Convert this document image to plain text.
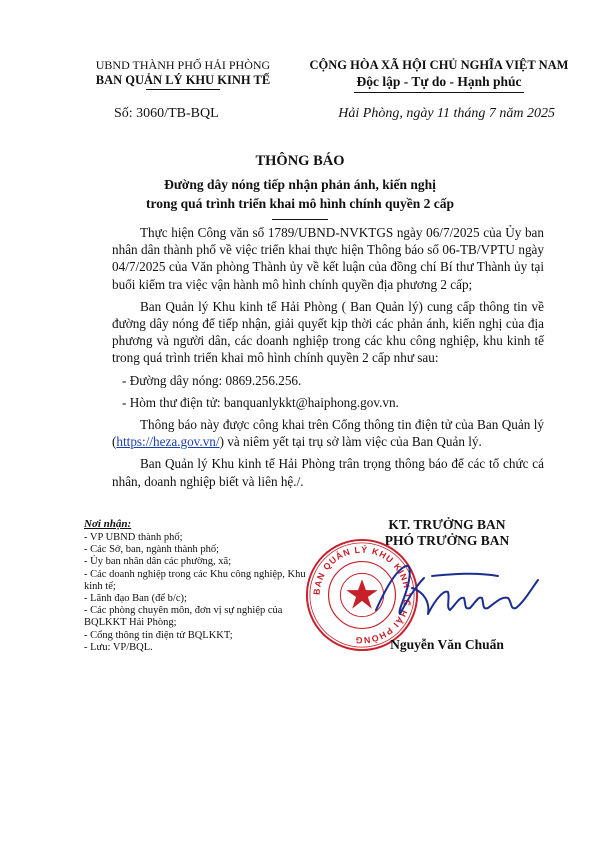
UBND THÀNH PHỐ HẢI PHÒNG
BAN QUẢN LÝ KHU KINH TẾ
CỘNG HÒA XÃ HỘI CHỦ NGHĨA VIỆT NAM
Độc lập - Tự do - Hạnh phúc
Số: 3060/TB-BQL	Hải Phòng, ngày 11 tháng 7 năm 2025
THÔNG BÁO
Đường dây nóng tiếp nhận phản ánh, kiến nghị
trong quá trình triển khai mô hình chính quyền 2 cấp

Thực hiện Công văn số 1789/UBND-NVKTGS ngày 06/7/2025 của Ủy ban nhân dân thành phố về việc triển khai thực hiện Thông báo số 06-TB/VPTU ngày 04/7/2025 của Văn phòng Thành ủy về kết luận của đồng chí Bí thư Thành ủy tại buổi kiểm tra việc vận hành mô hình chính quyền địa phương 2 cấp;

Ban Quản lý Khu kinh tế Hải Phòng ( Ban Quản lý) cung cấp thông tin về đường dây nóng để tiếp nhận, giải quyết kịp thời các phản ánh, kiến nghị của địa phương và người dân, các doanh nghiệp trong các khu công nghiệp, khu kinh tế trong quá trình triển khai mô hình chính quyền 2 cấp như sau:

- Đường dây nóng: 0869.256.256.

- Hòm thư điện tử: banquanlykkt@haiphong.gov.vn.

Thông báo này được công khai trên Cổng thông tin điện tử của Ban Quản lý (https://heza.gov.vn/) và niêm yết tại trụ sở làm việc của Ban Quản lý.

Ban Quản lý Khu kinh tế Hải Phòng trân trọng thông báo để các tổ chức cá nhân, doanh nghiệp biết và liên hệ./.

Nơi nhận:
- VP UBND thành phố;
- Các Sở, ban, ngành thành phố;
- Ủy ban nhân dân các phường, xã;
- Các doanh nghiệp trong các Khu công nghiệp, Khu kinh tế;
- Lãnh đạo Ban (để b/c);
- Các phòng chuyên môn, đơn vị sự nghiệp của BQLKKT Hải Phòng;
- Cổng thông tin điện tử BQLKKT;
- Lưu: VP/BQL.
KT. TRƯỞNG BAN
PHÓ TRƯỞNG BAN
BAN QUẢN LÝ KHU KINH TẾ HẢI PHÒNG	Nguyễn Văn Chuẩn
